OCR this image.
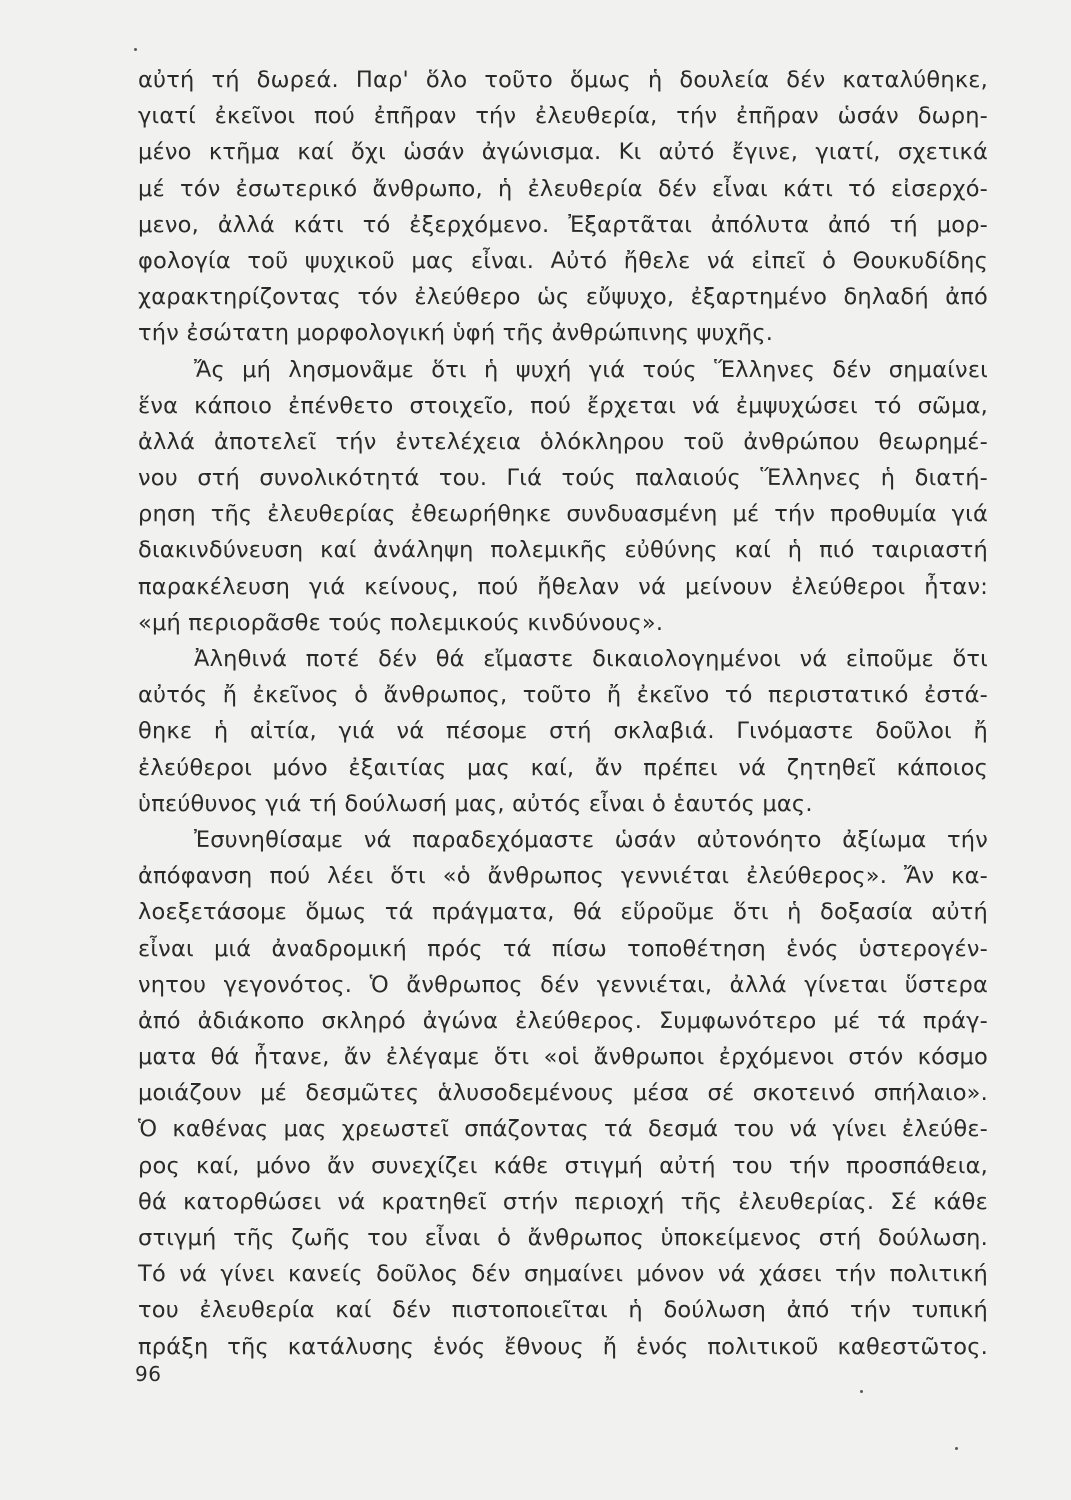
αὐτή τή δωρεά. Παρ' ὅλο τοῦτο ὅμως ἡ δουλεία δέν καταλύθηκε,
γιατί ἐκεῖνοι πού ἐπῆραν τήν ἐλευθερία, τήν ἐπῆραν ὡσάν δωρη-
μένο κτῆμα καί ὄχι ὡσάν ἀγώνισμα. Κι αὐτό ἔγινε, γιατί, σχετικά
μέ τόν ἐσωτερικό ἄνθρωπο, ἡ ἐλευθερία δέν εἶναι κάτι τό εἰσερχό-
μενο, ἀλλά κάτι τό ἐξερχόμενο. Ἐξαρτᾶται ἀπόλυτα ἀπό τή μορ-
φολογία τοῦ ψυχικοῦ μας εἶναι. Αὐτό ἤθελε νά εἰπεῖ ὁ Θουκυδίδης
χαρακτηρίζοντας τόν ἐλεύθερο ὡς εὔψυχο, ἐξαρτημένο δηλαδή ἀπό
τήν ἐσώτατη μορφολογική ὑφή τῆς ἀνθρώπινης ψυχῆς.
Ἄς μή λησμονᾶμε ὅτι ἡ ψυχή γιά τούς Ἕλληνες δέν σημαίνει
ἕνα κάποιο ἐπένθετο στοιχεῖο, πού ἔρχεται νά ἐμψυχώσει τό σῶμα,
ἀλλά ἀποτελεῖ τήν ἐντελέχεια ὁλόκληρου τοῦ ἀνθρώπου θεωρημέ-
νου στή συνολικότητά του. Γιά τούς παλαιούς Ἕλληνες ἡ διατή-
ρηση τῆς ἐλευθερίας ἐθεωρήθηκε συνδυασμένη μέ τήν προθυμία γιά
διακινδύνευση καί ἀνάληψη πολεμικῆς εὐθύνης καί ἡ πιό ταιριαστή
παρακέλευση γιά κείνους, πού ἤθελαν νά μείνουν ἐλεύθεροι ἦταν:
«μή περιορᾶσθε τούς πολεμικούς κινδύνους».
Ἀληθινά ποτέ δέν θά εἴμαστε δικαιολογημένοι νά εἰποῦμε ὅτι
αὐτός ἤ ἐκεῖνος ὁ ἄνθρωπος, τοῦτο ἤ ἐκεῖνο τό περιστατικό ἐστά-
θηκε ἡ αἰτία, γιά νά πέσομε στή σκλαβιά. Γινόμαστε δοῦλοι ἤ
ἐλεύθεροι μόνο ἐξαιτίας μας καί, ἄν πρέπει νά ζητηθεῖ κάποιος
ὑπεύθυνος γιά τή δούλωσή μας, αὐτός εἶναι ὁ ἑαυτός μας.
Ἐσυνηθίσαμε νά παραδεχόμαστε ὡσάν αὐτονόητο ἀξίωμα τήν
ἀπόφανση πού λέει ὅτι «ὁ ἄνθρωπος γεννιέται ἐλεύθερος». Ἄν κα-
λοεξετάσομε ὅμως τά πράγματα, θά εὕροῦμε ὅτι ἡ δοξασία αὐτή
εἶναι μιά ἀναδρομική πρός τά πίσω τοποθέτηση ἑνός ὑστερογέν-
νητου γεγονότος. Ὁ ἄνθρωπος δέν γεννιέται, ἀλλά γίνεται ὕστερα
ἀπό ἀδιάκοπο σκληρό ἀγώνα ἐλεύθερος. Συμφωνότερο μέ τά πράγ-
ματα θά ἦτανε, ἄν ἐλέγαμε ὅτι «οἱ ἄνθρωποι ἐρχόμενοι στόν κόσμο
μοιάζουν μέ δεσμῶτες ἁλυσοδεμένους μέσα σέ σκοτεινό σπήλαιο».
Ὁ καθένας μας χρεωστεῖ σπάζοντας τά δεσμά του νά γίνει ἐλεύθε-
ρος καί, μόνο ἄν συνεχίζει κάθε στιγμή αὐτή του τήν προσπάθεια,
θά κατορθώσει νά κρατηθεῖ στήν περιοχή τῆς ἐλευθερίας. Σέ κάθε
στιγμή τῆς ζωῆς του εἶναι ὁ ἄνθρωπος ὑποκείμενος στή δούλωση.
Τό νά γίνει κανείς δοῦλος δέν σημαίνει μόνον νά χάσει τήν πολιτική
του ἐλευθερία καί δέν πιστοποιεῖται ἡ δούλωση ἀπό τήν τυπική
πράξη τῆς κατάλυσης ἑνός ἔθνους ἤ ἑνός πολιτικοῦ καθεστῶτος.
96
